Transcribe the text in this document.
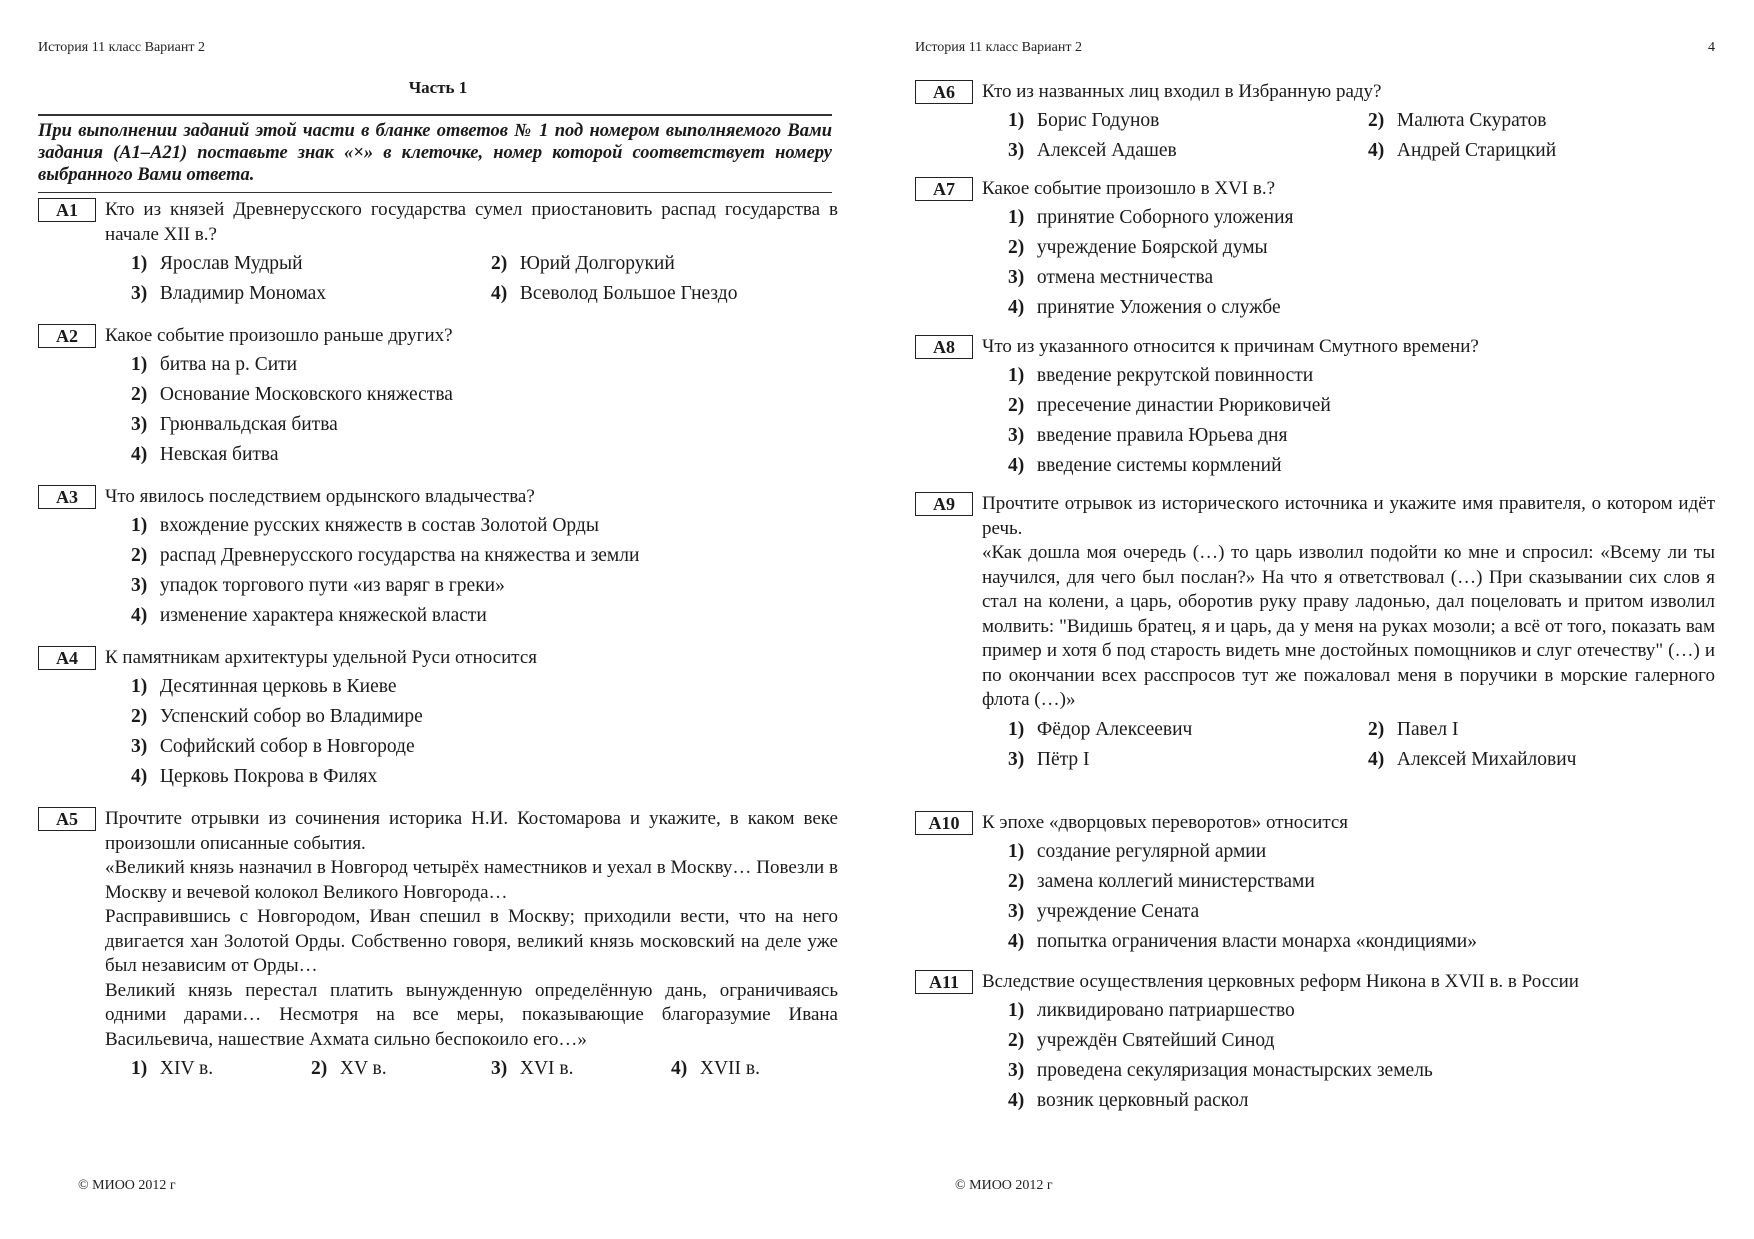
История 11 класс Вариант 2
Часть 1
При выполнении заданий этой части в бланке ответов № 1 под номером выполняемого Вами задания (А1–А21) поставьте знак «×» в клеточке, номер которой соответствует номеру выбранного Вами ответа.
A1	Кто из князей Древнерусского государства сумел приостановить распад государства в начале XII в.?
1) Ярослав Мудрый	2) Юрий Долгорукий
3) Владимир Мономах	4) Всеволод Большое Гнездо
A2	Какое событие произошло раньше других?
1) битва на р. Сити
2) Основание Московского княжества
3) Грюнвальдская битва
4) Невская битва
A3	Что явилось последствием ордынского владычества?
1) вхождение русских княжеств в состав Золотой Орды
2) распад Древнерусского государства на княжества и земли
3) упадок торгового пути «из варяг в греки»
4) изменение характера княжеской власти
A4	К памятникам архитектуры удельной Руси относится
1) Десятинная церковь в Киеве
2) Успенский собор во Владимире
3) Софийский собор в Новгороде
4) Церковь Покрова в Филях
A5	Прочтите отрывки из сочинения историка Н.И. Костомарова и укажите, в каком веке произошли описанные события.
«Великий князь назначил в Новгород четырёх наместников и уехал в Москву… Повезли в Москву и вечевой колокол Великого Новгорода…
Расправившись с Новгородом, Иван спешил в Москву; приходили вести, что на него двигается хан Золотой Орды. Собственно говоря, великий князь московский на деле уже был независим от Орды…
Великий князь перестал платить вынужденную определённую дань, ограничиваясь одними дарами… Несмотря на все меры, показывающие благоразумие Ивана Васильевича, нашествие Ахмата сильно беспокоило его…»
1) XIV в.	2) XV в.	3) XVI в.	4) XVII в.
© МИОО 2012 г
История 11 класс Вариант 2	4
A6	Кто из названных лиц входил в Избранную раду?
1) Борис Годунов	2) Малюта Скуратов
3) Алексей Адашев	4) Андрей Старицкий
A7	Какое событие произошло в XVI в.?
1) принятие Соборного уложения
2) учреждение Боярской думы
3) отмена местничества
4) принятие Уложения о службе
A8	Что из указанного относится к причинам Смутного времени?
1) введение рекрутской повинности
2) пресечение династии Рюриковичей
3) введение правила Юрьева дня
4) введение системы кормлений
A9	Прочтите отрывок из исторического источника и укажите имя правителя, о котором идёт речь.
«Как дошла моя очередь (…) то царь изволил подойти ко мне и спросил: «Всему ли ты научился, для чего был послан?» На что я ответствовал (…) При сказывании сих слов я стал на колени, а царь, оборотив руку праву ладонью, дал поцеловать и притом изволил молвить: "Видишь братец, я и царь, да у меня на руках мозоли; а всё от того, показать вам пример и хотя б под старость видеть мне достойных помощников и слуг отечеству" (…) и по окончании всех расспросов тут же пожаловал меня в поручики в морские галерного флота (…)»
1) Фёдор Алексеевич	2) Павел I
3) Пётр I	4) Алексей Михайлович
A10	К эпохе «дворцовых переворотов» относится
1) создание регулярной армии
2) замена коллегий министерствами
3) учреждение Сената
4) попытка ограничения власти монарха «кондициями»
A11	Вследствие осуществления церковных реформ Никона в XVII в. в России
1) ликвидировано патриаршество
2) учреждён Святейший Синод
3) проведена секуляризация монастырских земель
4) возник церковный раскол
© МИОО 2012 г
